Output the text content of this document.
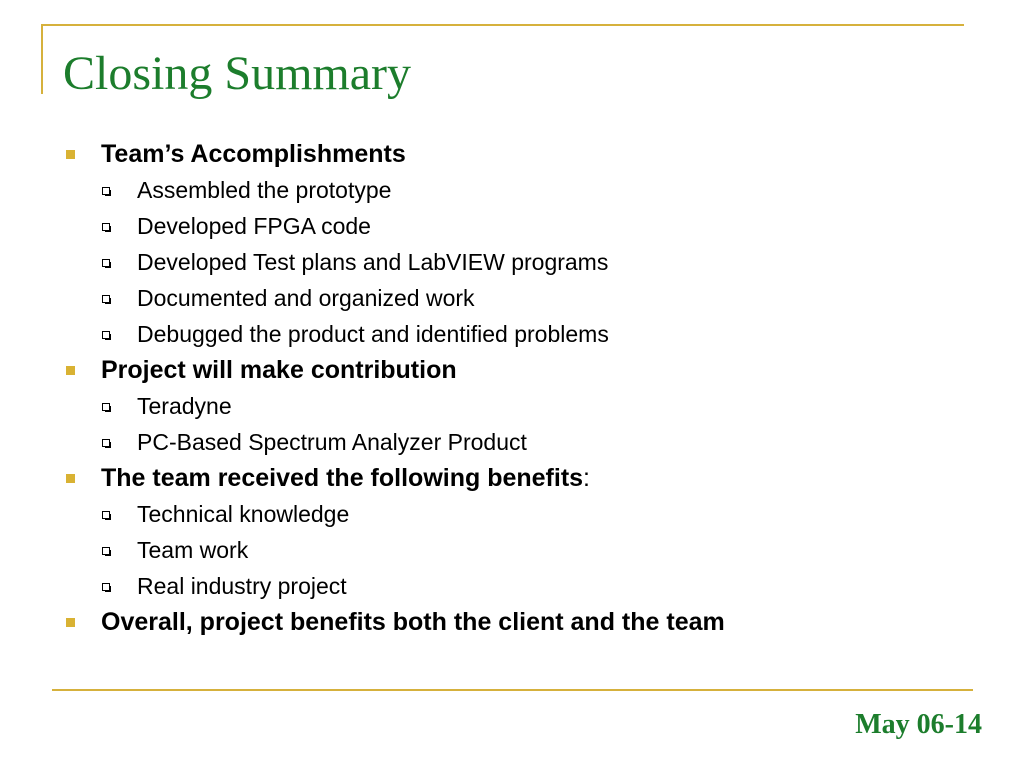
Closing Summary
Team’s Accomplishments
Assembled the prototype
Developed FPGA code
Developed Test plans and LabVIEW programs
Documented and organized work
Debugged the product and identified problems
Project will make contribution
Teradyne
PC-Based Spectrum Analyzer Product
The team received the following benefits:
Technical knowledge
Team work
Real industry project
Overall, project benefits both the client and the team
May 06-14
